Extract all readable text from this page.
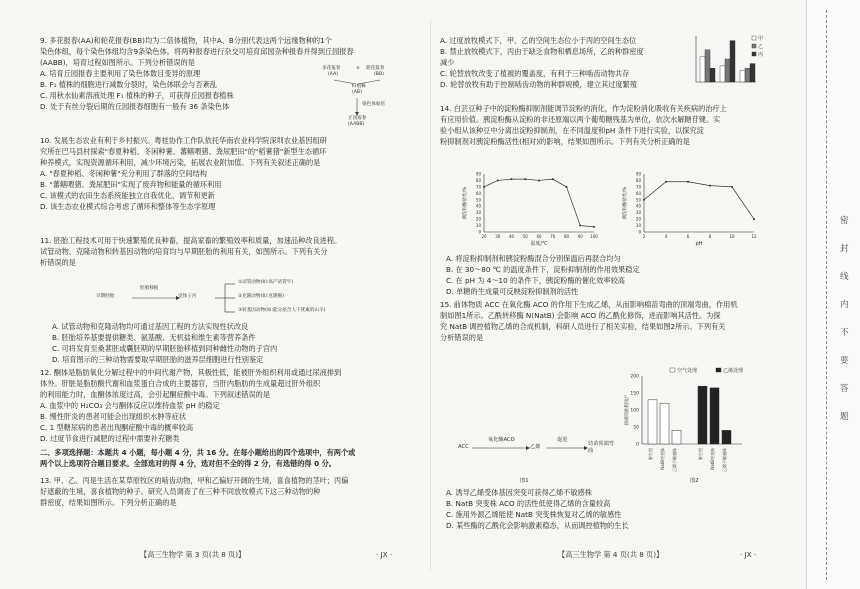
多花报春
(AA)
× 轮花报春
(BB)
F₁植株
(AB)
染色体加倍
丘园报春
(AABB)
早期胚胎
胚胎移植
受体子宫
①试管动物(如:高产试管牛)
②克隆动物(如:克隆猴)
③转基因动物(如:能分泌含人干扰素的山羊)
【高三生物学 第 3 页(共 8 页)】	· JX ·
甲
乙
丙
0
10
20
30
40
50
60
70
80
90
20 30 40 50 60 70 80 90 100
温度/℃
胰淀粉酶活性/%
0
10
20
30
40
50
60
70
80
90
2	4	6	8	10	12
pH
胰淀粉酶活性/%
ACC
氧化酶ACO
乙烯
促进
幼苗顶端弯曲
图1
0
50
100
150
200
顶端弯曲程度/°
野生型 NatB突变株 乙烯不敏感株
空气处理
野生型 NatB突变株 乙烯不敏感株
乙烯处理
图2
【高三生物学 第 4 页(共 8 页)】	· JX ·
密
封
线
内
不
要
答
题
9. 多花报春(AA)和轮花报春(BB)均为二倍体植物，其中A、B分别代表这两个远缘物种的1个
染色体组，每个染色体组均含9条染色体。将两种报春进行杂交可培育邱园杂种报春并得到丘园报春
(AABB)，培育过程如图所示。下列分析错误的是
A. 培育丘园报春主要利用了染色体数目变异的原理
B. F₁ 植株的细胞进行减数分裂时，染色体联会与否紊乱
C. 用秋水仙素溶液处理 F₁ 植株的种子，可获得丘园报春植株
D. 处于有丝分裂后期的丘园报春细胞有一般有 36 条染色体
10. 发展生态农业有利于乡村振兴。粤桂协作工作队依托华南农业科学院深圳农业基因组研
究所在巴马县村探索"春夏种稻、冬闲种薯、蕃鳝喂猪、粪尿肥田"的"稻薯猪"新型生态循环
种养模式，实现资源循环利用，减少环境污染，拓展农业附加值。下列有关叙述正确的是
A. "春夏种稻、冬闲种薯"充分利用了群落的空间结构
B. "蕃鳝喂猪、粪尿肥田"实现了废弃物和能量的循环利用
C. 该模式的农田生态系统能独立自我优化、调节和更新
D. 该生态农业模式综合考虑了循环和整体等生态学原理
11. 胚胎工程技术可用于快速繁殖优良种畜，提高家畜的繁殖效率和质量，加速品种改良进程。
试管动物、克隆动物和转基因动物的培育均与早期胚胎的利用有关，如图所示。下列有关分
析错误的是
A. 试管动物和克隆动物均可通过基因工程的方法实现性状改良
B. 胚胎培养基要提供糖类、氨基酸、无机盐和维生素等营养条件
C. 可将发育至桑葚胚或囊胚期的早期胚胎移植到同种雌性动物的子宫内
D. 培育图示的三种动物需要取早期胚胎的滋养层细胞进行性别鉴定
12. 酮体是脂肪氧化分解过程中的中间代谢产物，其极性低，能被肝外组织利用或通过尿液排到
体外。肝脏是脂肪酸代谢和血浆蛋白合成的主要器官，当肝内脂肪的生成量超过肝外组织
的利用能力时，血酮体浓度过高，会引起酮症酸中毒。下列叙述错误的是
A. 血浆中的 H₂CO₃ 会与酮体反应以维持血浆 pH 的稳定
B. 慢性肝炎的患者可能会出现组织水肿等症状
C. 1 型糖尿病的患者出现酮症酸中毒的概率较高
D. 过度节食进行减肥的过程中需要补充糖类
二、多项选择题：本题共 4 小题，每小题 4 分，共 16 分。在每小题给出的四个选项中，有两个或
两个以上选项符合题目要求。全部选对的得 4 分，选对但不全的得 2 分，有选错的得 0 分。
13. 甲、乙、丙是生活在某草原牧区的啮齿动物，甲和乙偏好开阔的生境，喜食植物的茎叶；丙偏
好遮蔽的生境，喜食植物的种子。研究人员调查了在三种不同放牧模式下这三种动物的种
群密度，结果如图所示。下列分析正确的是
A. 过度放牧模式下，甲、乙的空间生态位小于丙的空间生态位
B. 禁止放牧模式下，丙由于缺乏食物和栖息场所，乙的种群密度
减少
C. 轮替放牧改变了植被的覆盖度，有利于三种啮齿动物共存
D. 轮替放牧有助于控制啮齿动物的种群规模，建立其过度繁殖
14. 白芸豆种子中的淀粉酶抑制剂能调节淀粉的消化，作为淀粉消化吸收有关疾病的治疗上
有应用价值。胰淀粉酶从淀粉的非还原端以两个葡萄糖残基为单位，依次水解糖苷键。实
验小组从该种豆中分离出淀粉抑制剂，在不同温度和pH 条件下进行实验，以探究淀
粉抑制剂对胰淀粉酶活性(相对)的影响，结果如图所示。下列有关分析正确的是
A. 将淀粉抑制剂和胰淀粉酶混合分别保温后再混合均匀
B. 在 30～80 ℃ 的温度条件下，淀粉抑制剂的作用效果稳定
C. 在 pH 为 4～10 的条件下，胰淀粉酶的催化效率较高
D. 单糖的生成量可反映淀粉抑制剂的活性
15. 前体物质 ACC 在氧化酶 ACO 的作用下生成乙烯，从而影响棉苗弯曲的顶端弯曲，作用机
制如图1所示。乙酰转移酶 N(NatB) 会影响 ACO 的乙酰化修饰，进而影响其活性。为探
究 NatB 调控植物乙烯的合成机制，科研人员进行了相关实验，结果如图2所示。下列有关
分析错误的是
A. 诱导乙烯受体基因突变可获得乙烯不敏感株
B. NatB 突变株 ACO 的活性低使得乙烯的含量较高
C. 施用外源乙烯能使 NatB 突变株恢复对乙烯的敏感性
D. 某些酶的乙酰化会影响激素稳态，从而调控植物的生长
